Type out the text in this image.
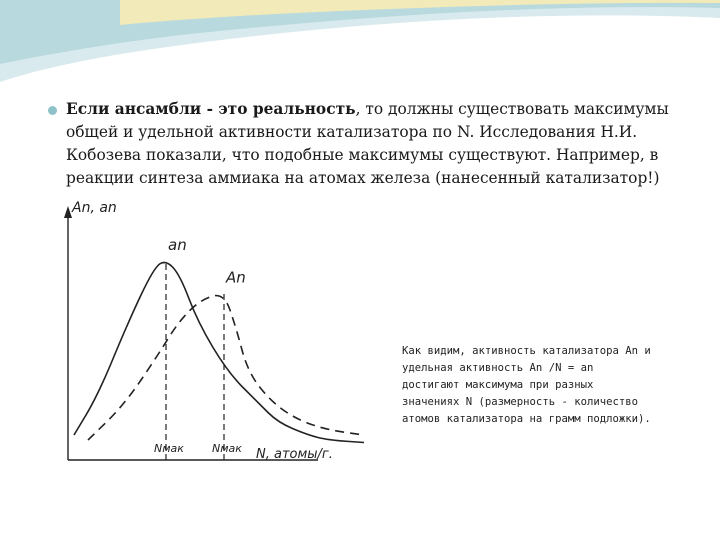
Если ансамбли - это реальность, то должны существовать максимумы общей и удельной активности катализатора по N. Исследования Н.И. Кобозева показали, что подобные максимумы существуют. Например, в реакции синтеза аммиака на атомах железа (нанесенный катализатор!)

An, an
N, атомы/г.
an
An
Nмак	Nмак

Как видим, активность катализатора An и удельная активность An /N = an достигают максимума при разных значениях N (размерность - количество атомов катализатора на грамм подложки).
